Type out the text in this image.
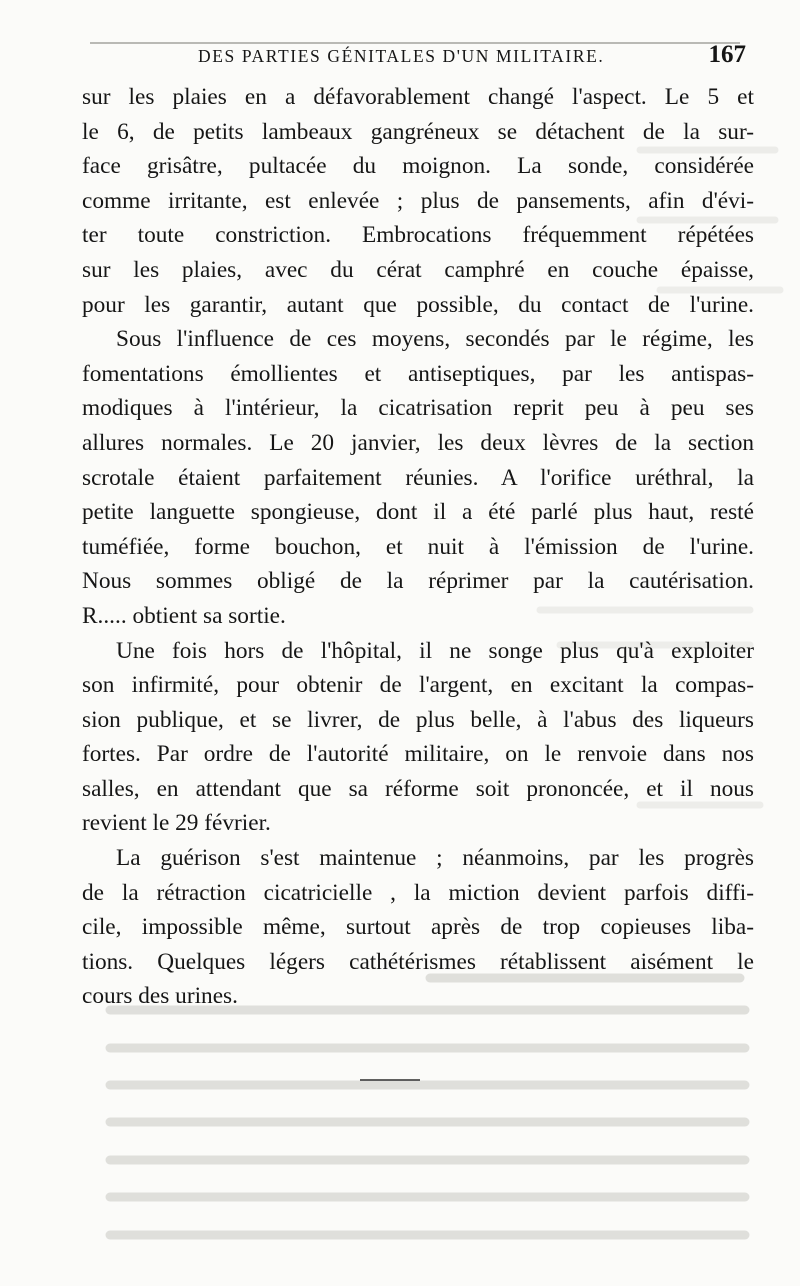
DES PARTIES GÉNITALES D'UN MILITAIRE.	167
sur les plaies en a défavorablement changé l'aspect. Le 5 et
le 6, de petits lambeaux gangréneux se détachent de la sur-
face grisâtre, pultacée du moignon. La sonde, considérée
comme irritante, est enlevée ; plus de pansements, afin d'évi-
ter toute constriction. Embrocations fréquemment répétées
sur les plaies, avec du cérat camphré en couche épaisse,
pour les garantir, autant que possible, du contact de l'urine.
Sous l'influence de ces moyens, secondés par le régime, les
fomentations émollientes et antiseptiques, par les antispas-
modiques à l'intérieur, la cicatrisation reprit peu à peu ses
allures normales. Le 20 janvier, les deux lèvres de la section
scrotale étaient parfaitement réunies. A l'orifice uréthral, la
petite languette spongieuse, dont il a été parlé plus haut, resté
tuméfiée, forme bouchon, et nuit à l'émission de l'urine.
Nous sommes obligé de la réprimer par la cautérisation.
R..... obtient sa sortie.
Une fois hors de l'hôpital, il ne songe plus qu'à exploiter
son infirmité, pour obtenir de l'argent, en excitant la compas-
sion publique, et se livrer, de plus belle, à l'abus des liqueurs
fortes. Par ordre de l'autorité militaire, on le renvoie dans nos
salles, en attendant que sa réforme soit prononcée, et il nous
revient le 29 février.
La guérison s'est maintenue ; néanmoins, par les progrès
de la rétraction cicatricielle , la miction devient parfois diffi-
cile, impossible même, surtout après de trop copieuses liba-
tions. Quelques légers cathétérismes rétablissent aisément le
cours des urines.
